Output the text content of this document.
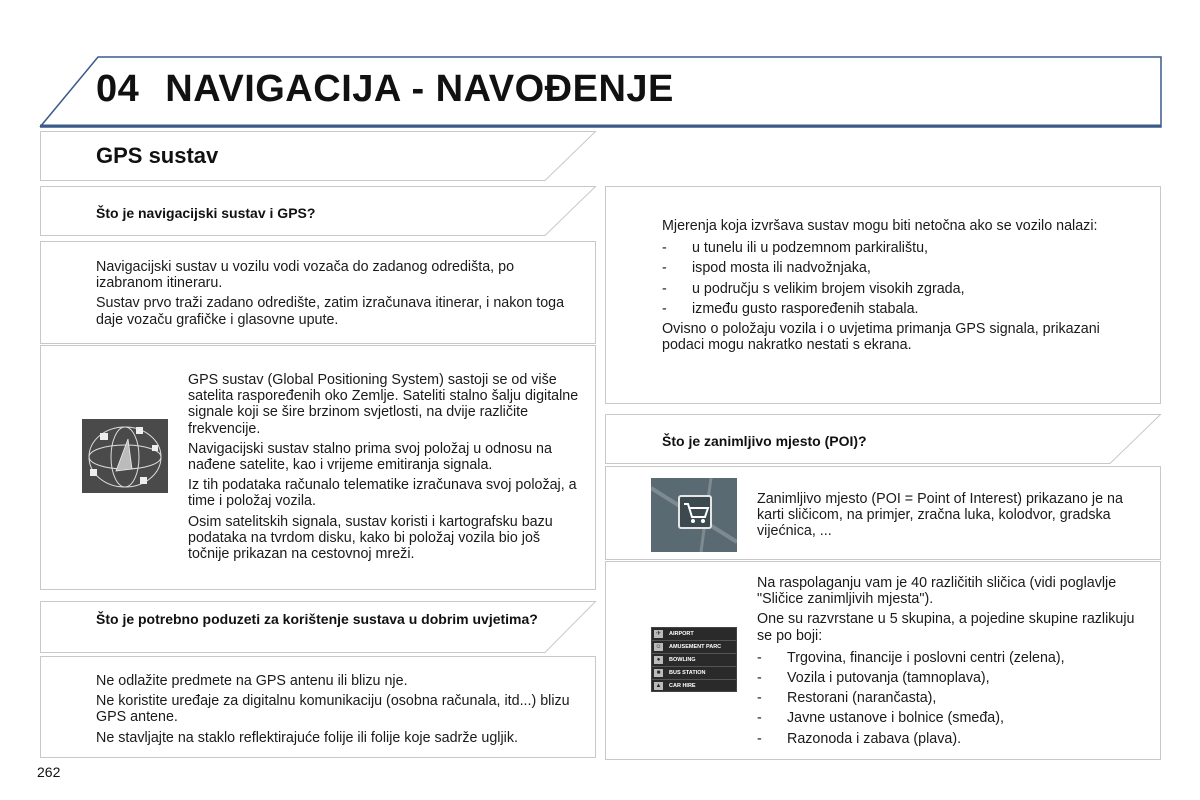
04 NAVIGACIJA - NAVOĐENJE
GPS sustav
Što je navigacijski sustav i GPS?

Navigacijski sustav u vozilu vodi vozača do zadanog odredišta, po izabranom itineraru.

Sustav prvo traži zadano odredište, zatim izračunava itinerar, i nakon toga daje vozaču grafičke i glasovne upute.

GPS sustav (Global Positioning System) sastoji se od više satelita raspoređenih oko Zemlje. Sateliti stalno šalju digitalne signale koji se šire brzinom svjetlosti, na dvije različite frekvencije.

Navigacijski sustav stalno prima svoj položaj u odnosu na nađene satelite, kao i vrijeme emitiranja signala.

Iz tih podataka računalo telematike izračunava svoj položaj, a time i položaj vozila.

Osim satelitskih signala, sustav koristi i kartografsku bazu podataka na tvrdom disku, kako bi položaj vozila bio još točnije prikazan na cestovnoj mreži.

Što je potrebno poduzeti za korištenje sustava u dobrim uvjetima?

Ne odlažite predmete na GPS antenu ili blizu nje.

Ne koristite uređaje za digitalnu komunikaciju (osobna računala, itd...) blizu GPS antene.

Ne stavljajte na staklo reflektirajuće folije ili folije koje sadrže ugljik.

Mjerenja koja izvršava sustav mogu biti netočna ako se vozilo nalazi:

- u tunelu ili u podzemnom parkiralištu,
- ispod mosta ili nadvožnjaka,
- u području s velikim brojem visokih zgrada,
- između gusto raspoređenih stabala.

Ovisno o položaju vozila i o uvjetima primanja GPS signala, prikazani podaci mogu nakratko nestati s ekrana.

Što je zanimljivo mjesto (POI)?
Zanimljivo mjesto (POI = Point of Interest) prikazano je na karti sličicom, na primjer, zračna luka, kolodvor, gradska vijećnica, ...
✈	AIRPORT
☺ AMUSEMENT PARC
●	BOWLING
■	BUS STATION
▲ CAR HIRE

Na raspolaganju vam je 40 različitih sličica (vidi poglavlje "Sličice zanimljivih mjesta").

One su razvrstane u 5 skupina, a pojedine skupine razlikuju se po boji:

- Trgovina, financije i poslovni centri (zelena),
- Vozila i putovanja (tamnoplava),
- Restorani (narančasta),
- Javne ustanove i bolnice (smeđa),
- Razonoda i zabava (plava).
262
